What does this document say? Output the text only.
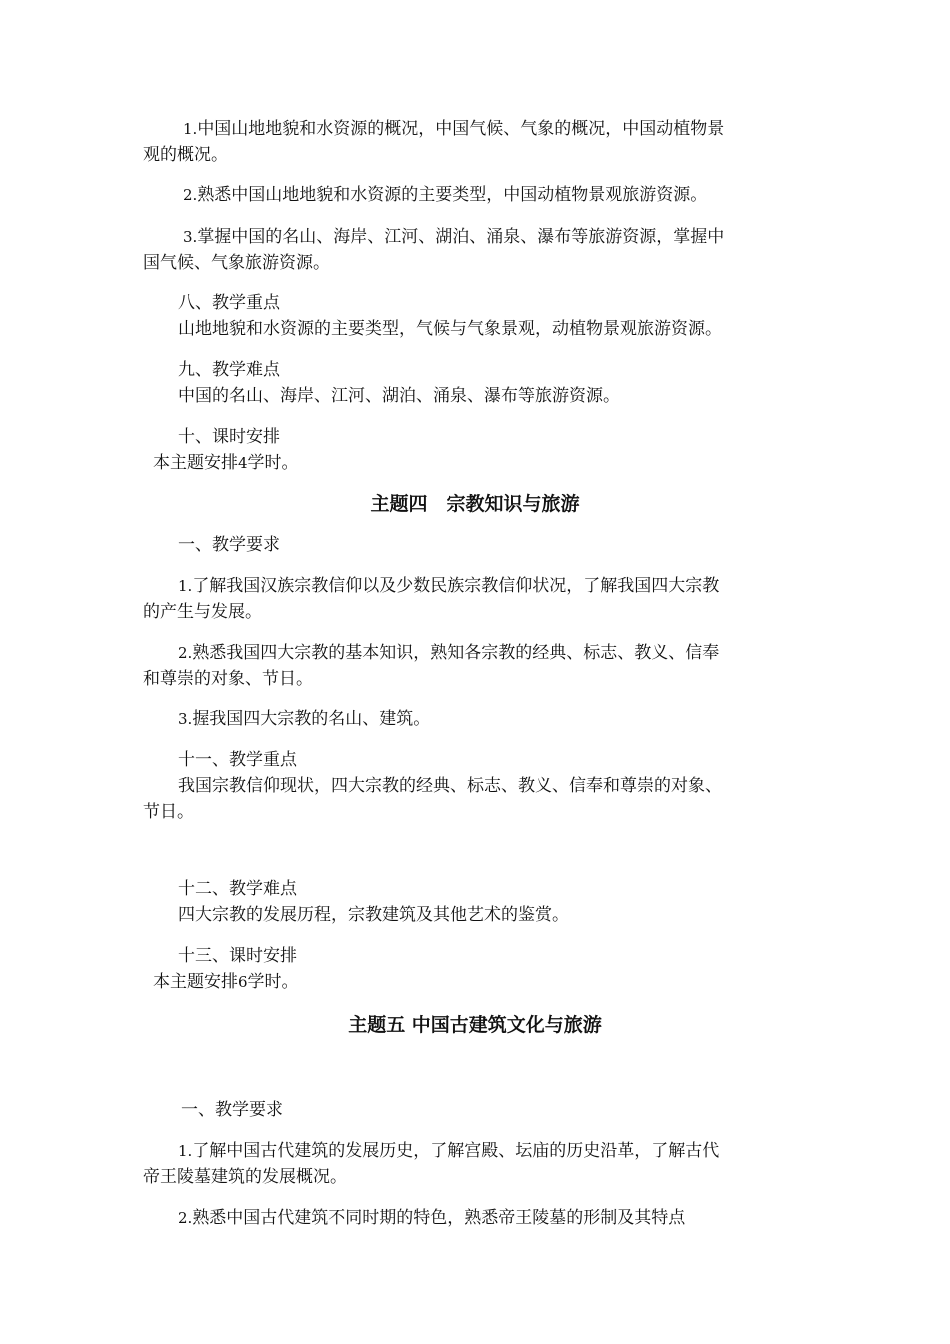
1.中国山地地貌和水资源的概况，中国气候、气象的概况，中国动植物景

观的概况。

2.熟悉中国山地地貌和水资源的主要类型，中国动植物景观旅游资源。

3.掌握中国的名山、海岸、江河、湖泊、涌泉、瀑布等旅游资源，掌握中

国气候、气象旅游资源。

八、教学重点

山地地貌和水资源的主要类型，气候与气象景观，动植物景观旅游资源。

九、教学难点

中国的名山、海岸、江河、湖泊、涌泉、瀑布等旅游资源。

十、课时安排

本主题安排4学时。

主题四　宗教知识与旅游

一、教学要求

1.了解我国汉族宗教信仰以及少数民族宗教信仰状况，了解我国四大宗教

的产生与发展。

2.熟悉我国四大宗教的基本知识，熟知各宗教的经典、标志、教义、信奉

和尊崇的对象、节日。

3.握我国四大宗教的名山、建筑。

十一、教学重点

我国宗教信仰现状，四大宗教的经典、标志、教义、信奉和尊崇的对象、

节日。

十二、教学难点

四大宗教的发展历程，宗教建筑及其他艺术的鉴赏。

十三、课时安排

本主题安排6学时。

主题五 中国古建筑文化与旅游

一、教学要求

1.了解中国古代建筑的发展历史，了解宫殿、坛庙的历史沿革，了解古代

帝王陵墓建筑的发展概况。

2.熟悉中国古代建筑不同时期的特色，熟悉帝王陵墓的形制及其特点
